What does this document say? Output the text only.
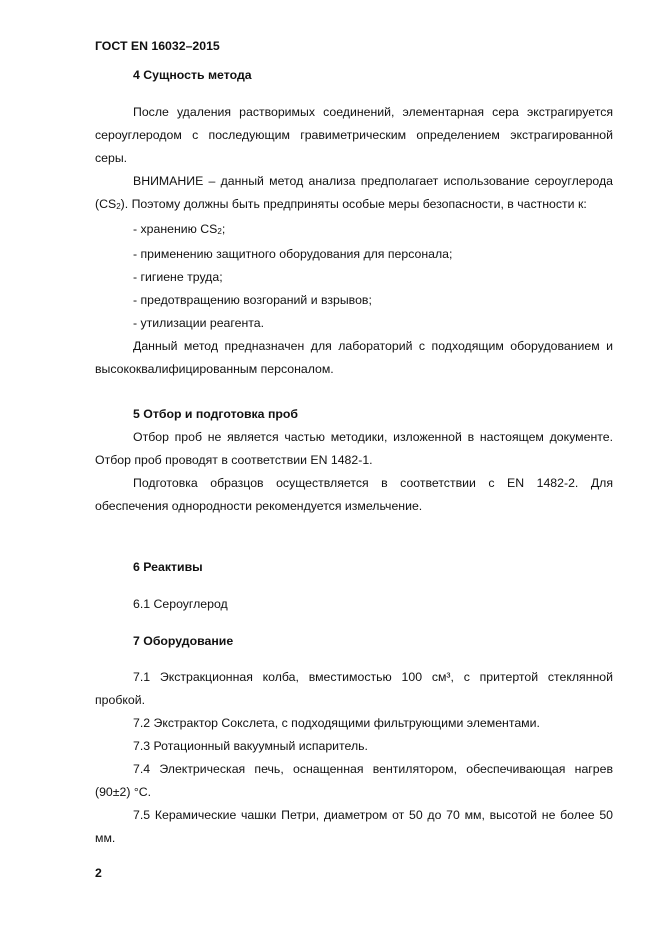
ГОСТ EN 16032–2015
4 Сущность метода

После удаления растворимых соединений, элементарная сера экстрагируется сероуглеродом с последующим гравиметрическим определением экстрагированной серы.

ВНИМАНИЕ – данный метод анализа предполагает использование сероуглерода $(CS_2)$. Поэтому должны быть предприняты особые меры безопасности, в частности к:

- хранению $CS_2$;
- применению защитного оборудования для персонала;
- гигиене труда;
- предотвращению возгораний и взрывов;
- утилизации реагента.

Данный метод предназначен для лабораторий с подходящим оборудованием и высококвалифицированным персоналом.

5 Отбор и подготовка проб

Отбор проб не является частью методики, изложенной в настоящем документе. Отбор проб проводят в соответствии EN 1482-1.

Подготовка образцов осуществляется в соответствии с EN 1482-2. Для обеспечения однородности рекомендуется измельчение.

6 Реактивы
6.1 Сероуглерод
7 Оборудование

7.1 Экстракционная колба, вместимостью 100 см³, с притертой стеклянной пробкой.

7.2 Экстрактор Сокслета, с подходящими фильтрующими элементами.

7.3 Ротационный вакуумный испаритель.

7.4 Электрическая печь, оснащенная вентилятором, обеспечивающая нагрев (90±2) °С.

7.5 Керамические чашки Петри, диаметром от 50 до 70 мм, высотой не более 50 мм.

2
